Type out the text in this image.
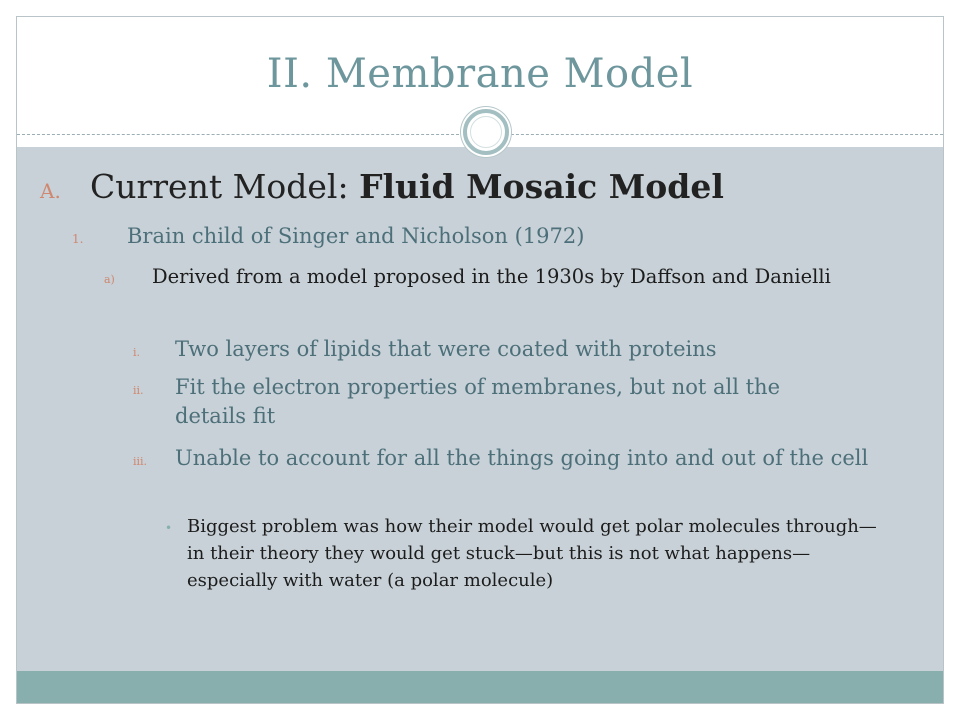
II. Membrane Model
A. Current Model: Fluid Mosaic Model
1.	Brain child of Singer and Nicholson (1972)
a)	Derived from a model proposed in the 1930s by Daffson and Danielli
i.	Two layers of lipids that were coated with proteins
ii.	Fit the electron properties of membranes, but not all the details fit
iii.	Unable to account for all the things going into and out of the cell
• Biggest problem was how their model would get polar molecules through—in their theory they would get stuck—but this is not what happens—especially with water (a polar molecule)
